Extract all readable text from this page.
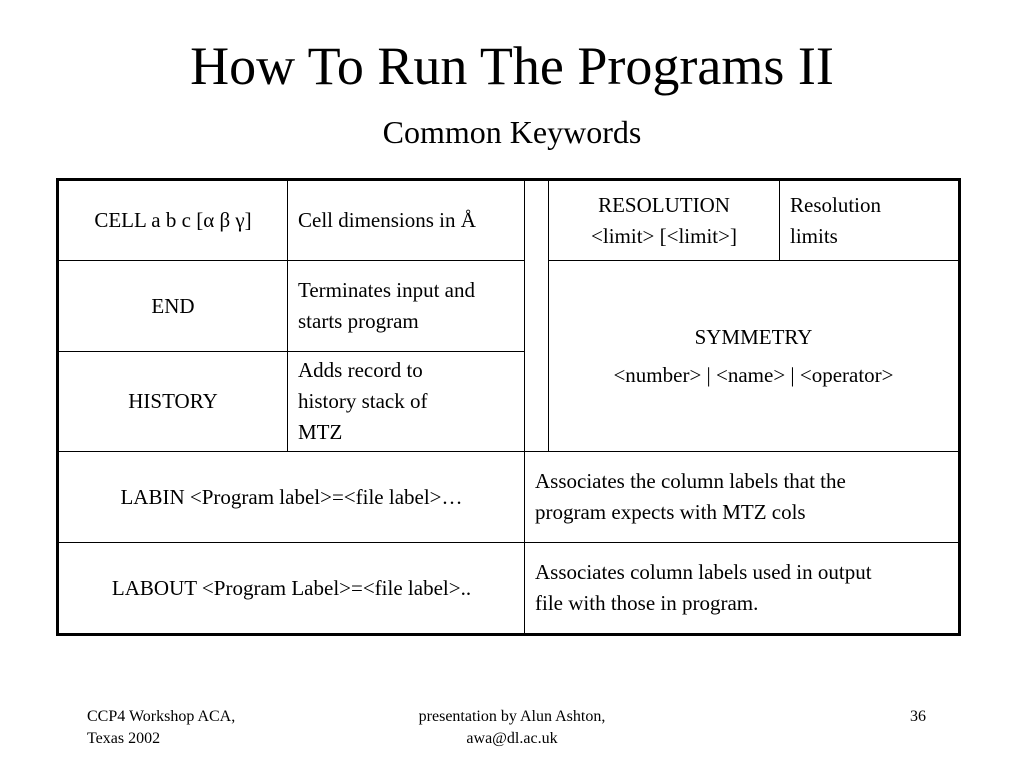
How To Run The Programs II
Common Keywords
CELL a b c [α β γ] Cell dimensions in Å
END
Terminates input and
starts program
HISTORY
Adds record to
history stack of
MTZ
RESOLUTION
<limit> [<limit>]
Resolution
limits
SYMMETRY
<number> | <name> | <operator>
LABIN <Program label>=<file label>…
Associates the column labels that the
program expects with MTZ cols
LABOUT <Program Label>=<file label>..
Associates column labels used in output
file with those in program.
CCP4 Workshop ACA,
Texas 2002
presentation by Alun Ashton,
awa@dl.ac.uk
36
